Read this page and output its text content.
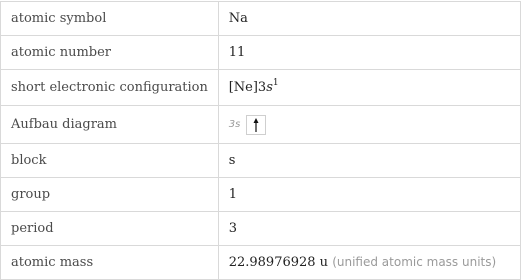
atomic symbol	Na
atomic number	11
short electronic configuration	$[Ne]3s^1$
Aufbau diagram	3s

block	s
group	1
period	3
atomic mass	22.98976928 u (unified atomic mass units)
